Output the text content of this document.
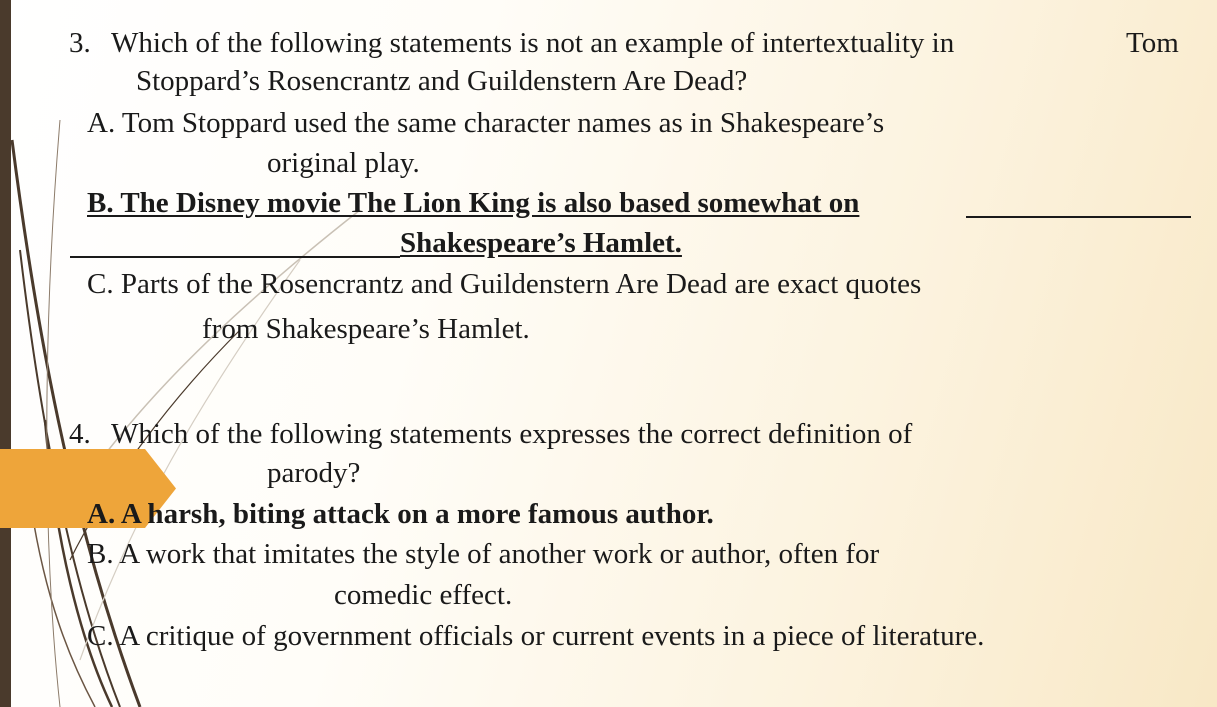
3. Which of the following statements is not an example of intertextuality in	Tom
Stoppard’s Rosencrantz and Guildenstern Are Dead?
A. Tom Stoppard used the same character names as in Shakespeare’s
original play.
B. The Disney movie The Lion King is also based somewhat on
Shakespeare’s Hamlet.
C. Parts of the Rosencrantz and Guildenstern Are Dead are exact quotes
from Shakespeare’s Hamlet.
4. Which of the following statements expresses the correct definition of
parody?
A. A harsh, biting attack on a more famous author.
B. A work that imitates the style of another work or author, often for
comedic effect.
C. A critique of government officials or current events in a piece of literature.
